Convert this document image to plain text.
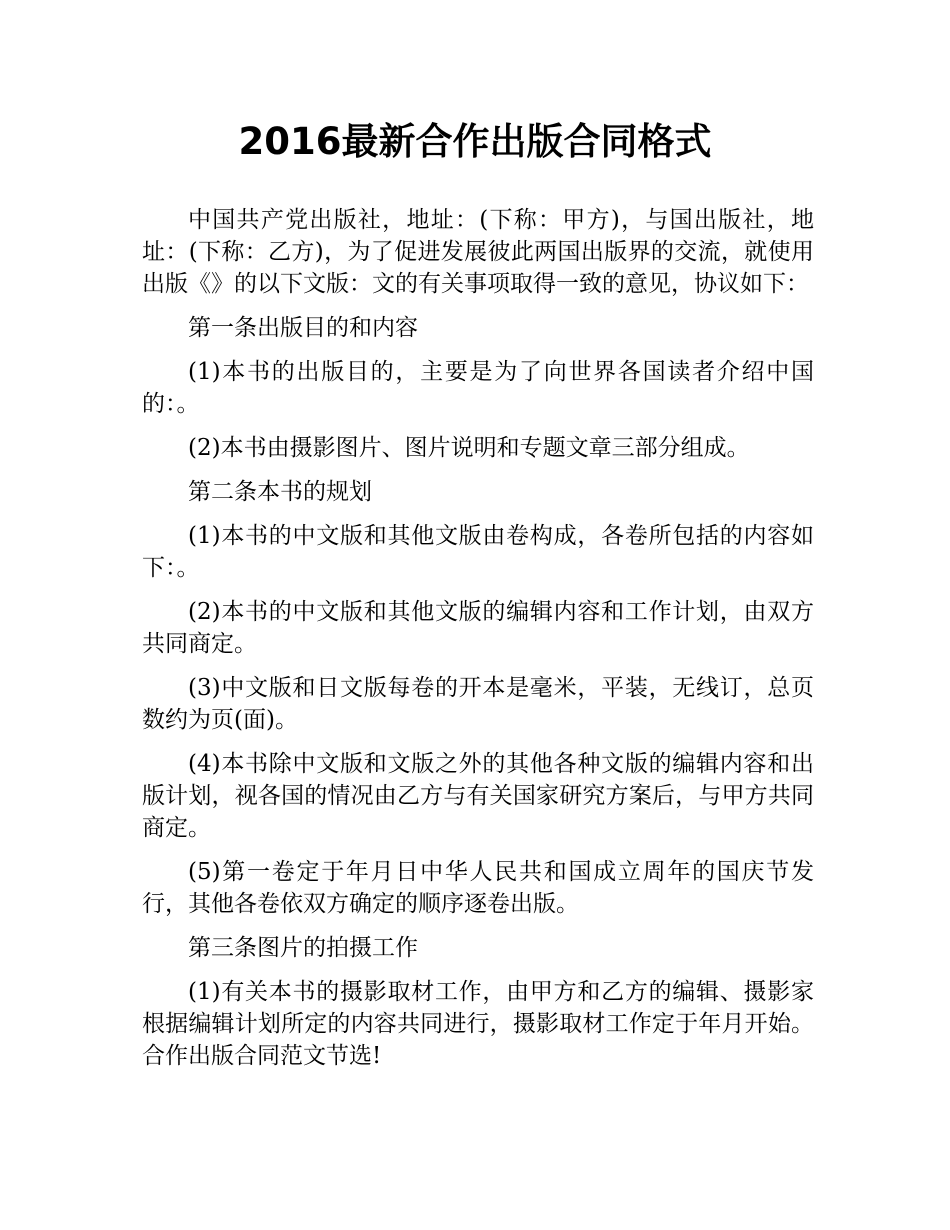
2016最新合作出版合同格式

中国共产党出版社，地址：(下称：甲方)，与国出版社，地址：(下称：乙方)，为了促进发展彼此两国出版界的交流，就使用出版《》的以下文版：文的有关事项取得一致的意见，协议如下：

第一条出版目的和内容

(1)本书的出版目的，主要是为了向世界各国读者介绍中国的：。

(2)本书由摄影图片、图片说明和专题文章三部分组成。

第二条本书的规划

(1)本书的中文版和其他文版由卷构成，各卷所包括的内容如下：。

(2)本书的中文版和其他文版的编辑内容和工作计划，由双方共同商定。

(3)中文版和日文版每卷的开本是毫米，平装，无线订，总页数约为页(面)。

(4)本书除中文版和文版之外的其他各种文版的编辑内容和出版计划，视各国的情况由乙方与有关国家研究方案后，与甲方共同商定。

(5)第一卷定于年月日中华人民共和国成立周年的国庆节发行，其他各卷依双方确定的顺序逐卷出版。

第三条图片的拍摄工作

(1)有关本书的摄影取材工作，由甲方和乙方的编辑、摄影家根据编辑计划所定的内容共同进行，摄影取材工作定于年月开始。合作出版合同范文节选!
